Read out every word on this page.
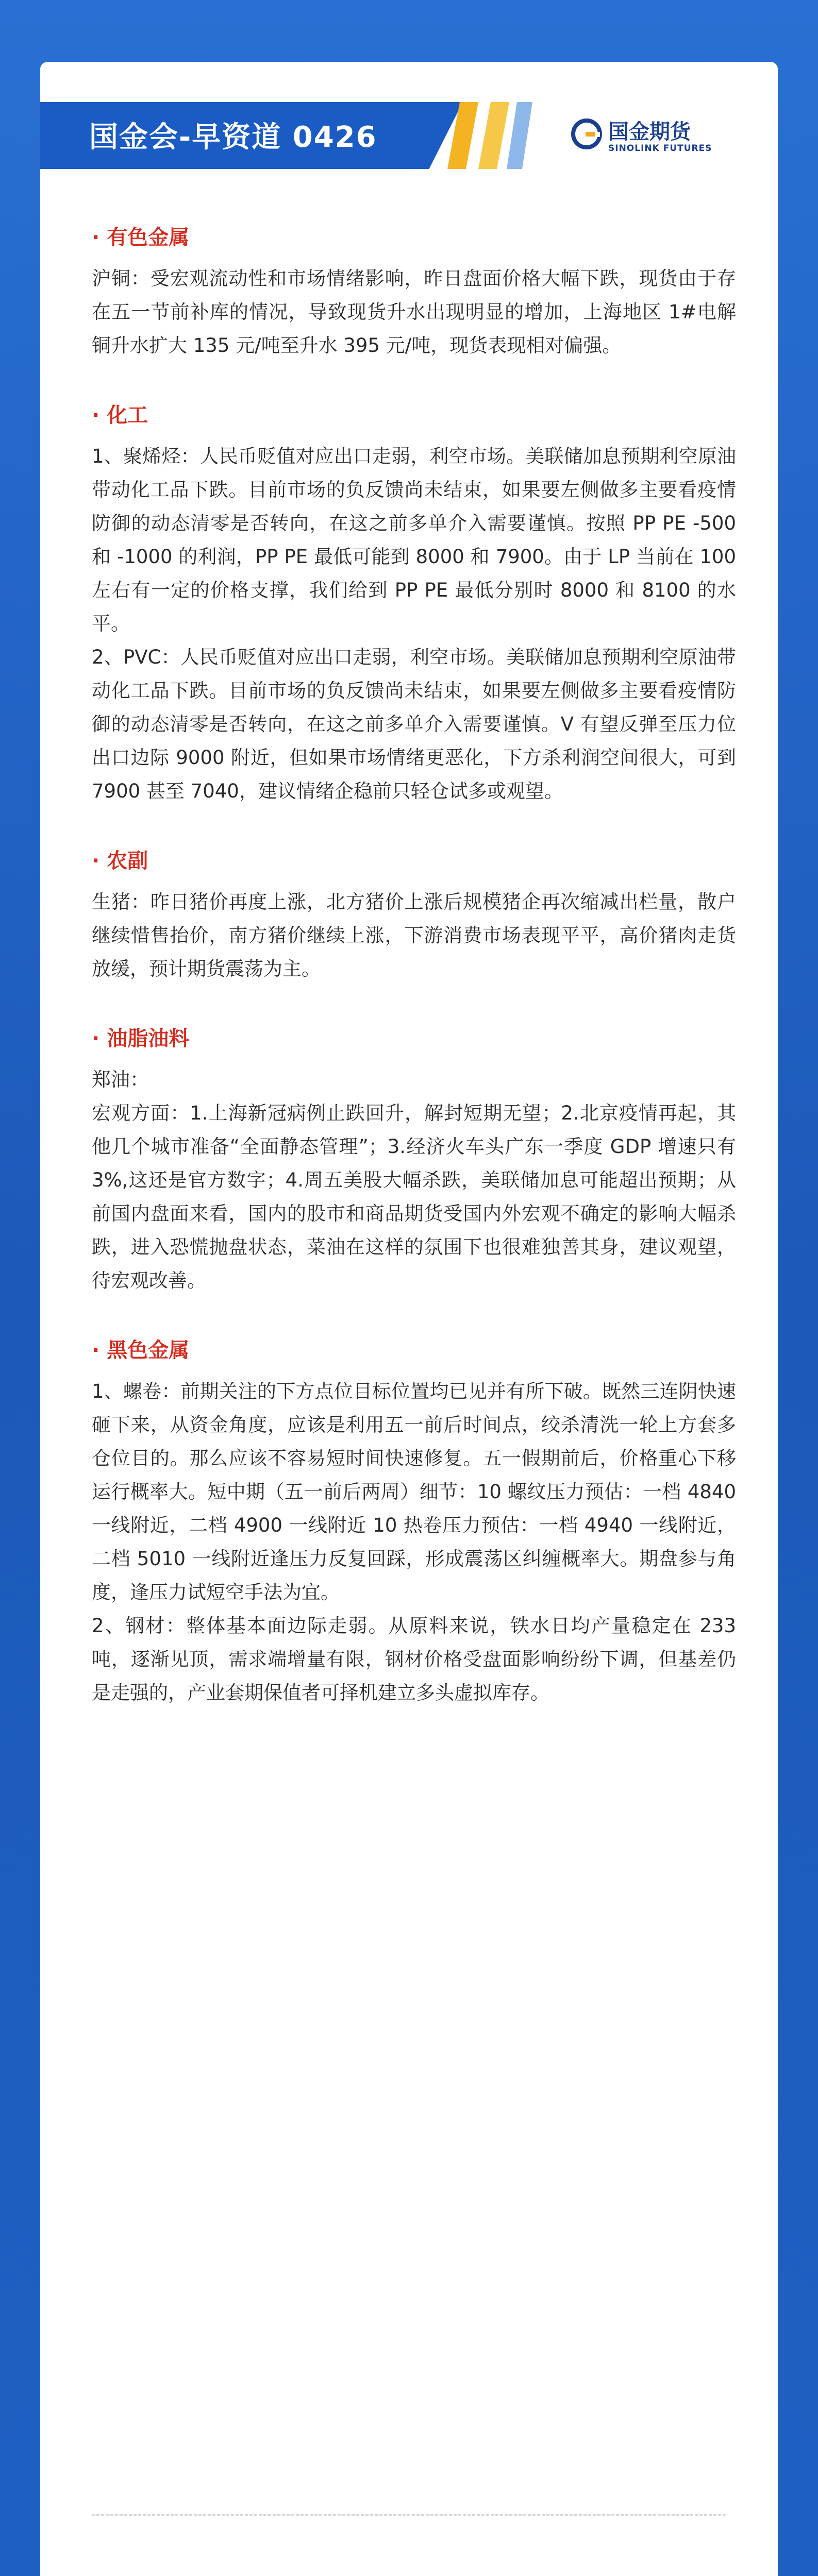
国金会-早资道 0426	国金期货
SINOLINK FUTURES
· 有色金属

沪铜：受宏观流动性和市场情绪影响，昨日盘面价格大幅下跌，现货由于存在五一节前补库的情况，导致现货升水出现明显的增加，上海地区 1#电解铜升水扩大 135 元/吨至升水 395 元/吨，现货表现相对偏强。

· 化工

1、聚烯烃：人民币贬值对应出口走弱，利空市场。美联储加息预期利空原油带动化工品下跌。目前市场的负反馈尚未结束，如果要左侧做多主要看疫情防御的动态清零是否转向，在这之前多单介入需要谨慎。按照 PP PE -500 和 -1000 的利润，PP PE 最低可能到 8000 和 7900。由于 LP 当前在 100 左右有一定的价格支撑，我们给到 PP PE 最低分别时 8000 和 8100 的水平。

2、PVC：人民币贬值对应出口走弱，利空市场。美联储加息预期利空原油带动化工品下跌。目前市场的负反馈尚未结束，如果要左侧做多主要看疫情防御的动态清零是否转向，在这之前多单介入需要谨慎。V 有望反弹至压力位出口边际 9000 附近，但如果市场情绪更恶化，下方杀利润空间很大，可到 7900 甚至 7040，建议情绪企稳前只轻仓试多或观望。

· 农副

生猪：昨日猪价再度上涨，北方猪价上涨后规模猪企再次缩减出栏量，散户继续惜售抬价，南方猪价继续上涨，下游消费市场表现平平，高价猪肉走货放缓，预计期货震荡为主。

· 油脂油料

郑油：

宏观方面：1.上海新冠病例止跌回升，解封短期无望；2.北京疫情再起，其他几个城市准备“全面静态管理”；3.经济火车头广东一季度 GDP 增速只有 3%,这还是官方数字；4.周五美股大幅杀跌，美联储加息可能超出预期；从前国内盘面来看，国内的股市和商品期货受国内外宏观不确定的影响大幅杀跌，进入恐慌抛盘状态，菜油在这样的氛围下也很难独善其身，建议观望，待宏观改善。

· 黑色金属

1、螺卷：前期关注的下方点位目标位置均已见并有所下破。既然三连阴快速砸下来，从资金角度，应该是利用五一前后时间点，绞杀清洗一轮上方套多仓位目的。那么应该不容易短时间快速修复。五一假期前后，价格重心下移运行概率大。短中期（五一前后两周）细节：10 螺纹压力预估：一档 4840 一线附近，二档 4900 一线附近 10 热卷压力预估：一档 4940 一线附近，二档 5010 一线附近逢压力反复回踩，形成震荡区纠缠概率大。期盘参与角度，逢压力试短空手法为宜。

2、钢材：整体基本面边际走弱。从原料来说，铁水日均产量稳定在 233 吨，逐渐见顶，需求端增量有限，钢材价格受盘面影响纷纷下调，但基差仍是走强的，产业套期保值者可择机建立多头虚拟库存。
